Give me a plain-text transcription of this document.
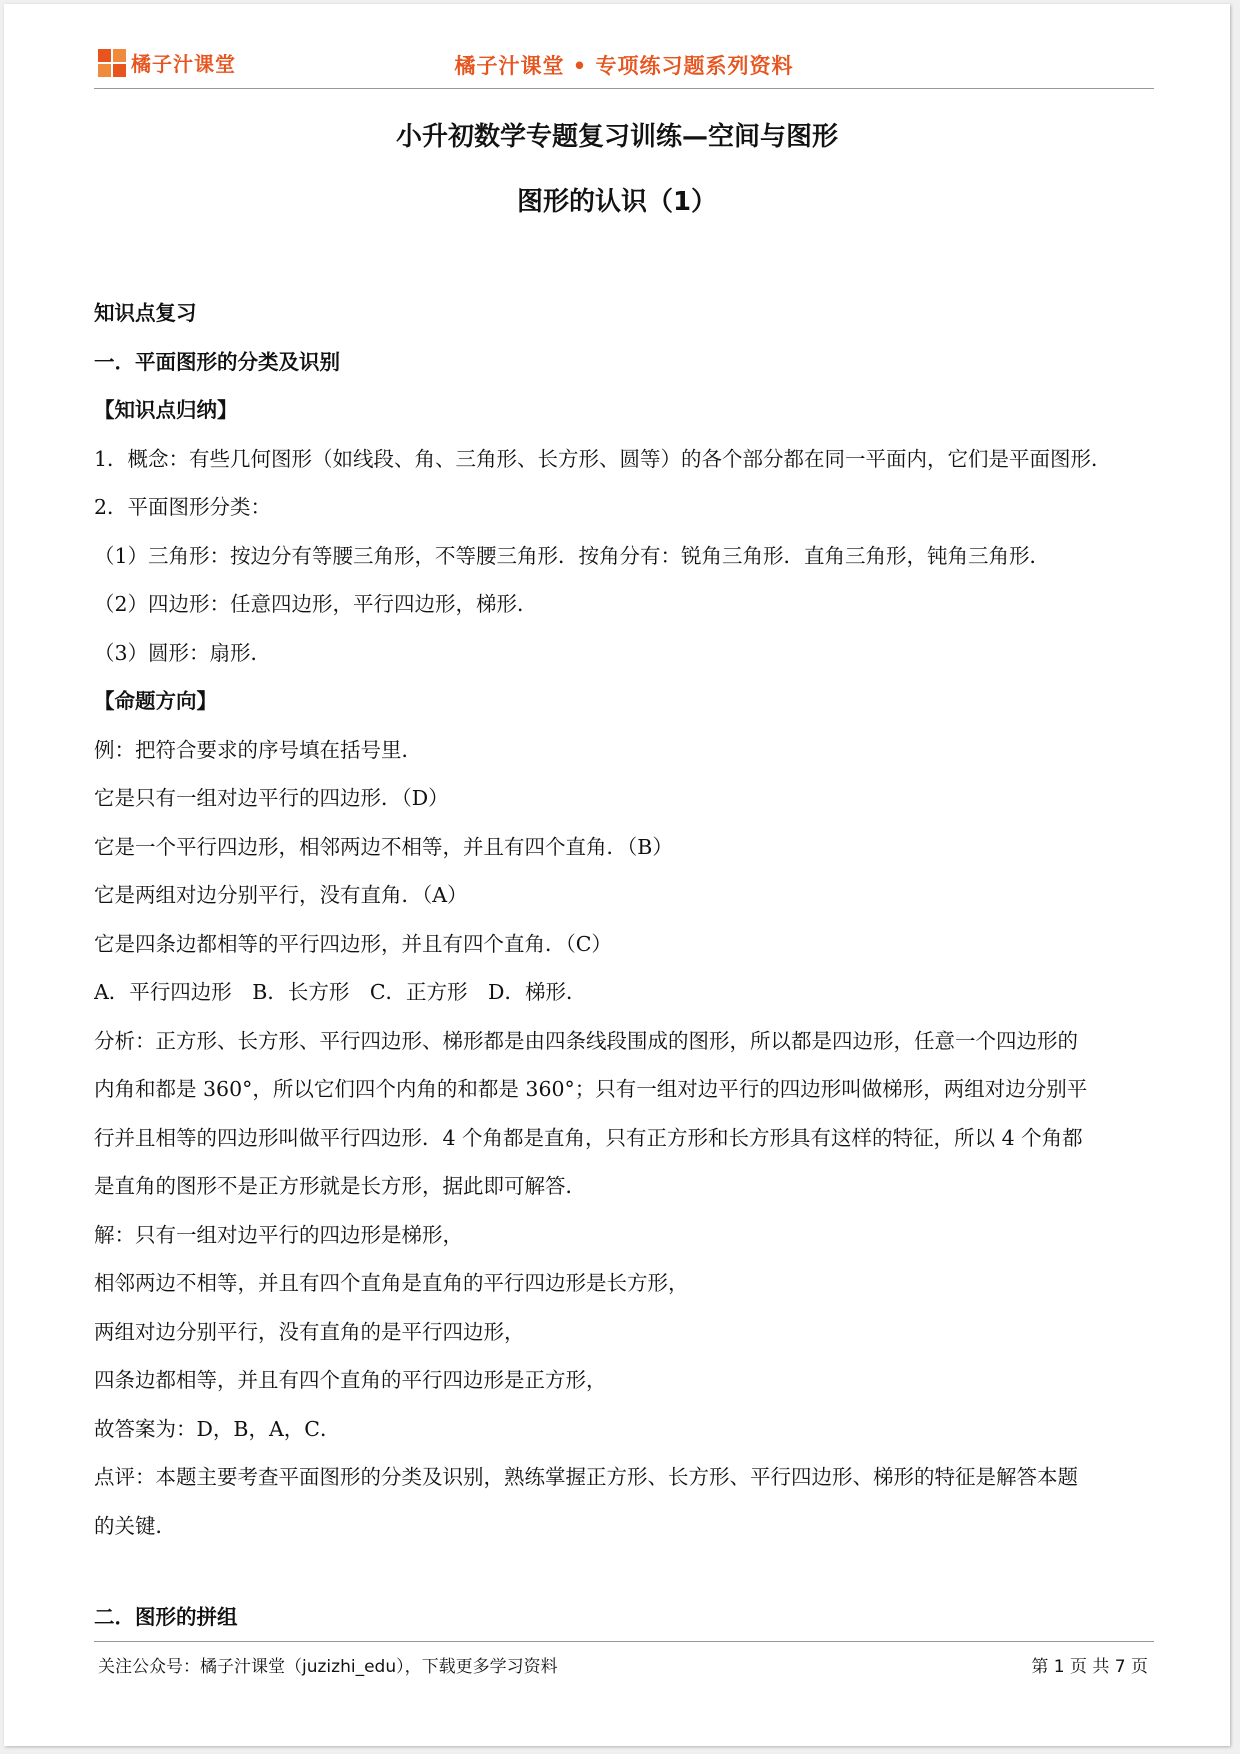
橘子汁课堂	橘子汁课堂 • 专项练习题系列资料
小升初数学专题复习训练—空间与图形
图形的认识（1）
知识点复习
一．平面图形的分类及识别
【知识点归纳】
1．概念：有些几何图形（如线段、角、三角形、长方形、圆等）的各个部分都在同一平面内，它们是平面图形．
2．平面图形分类：
（1）三角形：按边分有等腰三角形，不等腰三角形．按角分有：锐角三角形．直角三角形，钝角三角形．
（2）四边形：任意四边形，平行四边形，梯形．
（3）圆形：扇形．
【命题方向】
例：把符合要求的序号填在括号里．
它是只有一组对边平行的四边形．（D）
它是一个平行四边形，相邻两边不相等，并且有四个直角．（B）
它是两组对边分别平行，没有直角．（A）
它是四条边都相等的平行四边形，并且有四个直角．（C）
A．平行四边形　B．长方形　C．正方形　D．梯形．
分析：正方形、长方形、平行四边形、梯形都是由四条线段围成的图形，所以都是四边形，任意一个四边形的
内角和都是 360°，所以它们四个内角的和都是 360°；只有一组对边平行的四边形叫做梯形，两组对边分别平
行并且相等的四边形叫做平行四边形．4 个角都是直角，只有正方形和长方形具有这样的特征，所以 4 个角都
是直角的图形不是正方形就是长方形，据此即可解答．
解：只有一组对边平行的四边形是梯形，
相邻两边不相等，并且有四个直角是直角的平行四边形是长方形，
两组对边分别平行，没有直角的是平行四边形，
四条边都相等，并且有四个直角的平行四边形是正方形，
故答案为：D，B，A，C．
点评：本题主要考查平面图形的分类及识别，熟练掌握正方形、长方形、平行四边形、梯形的特征是解答本题
的关键．
二．图形的拼组
关注公众号：橘子汁课堂（juzizhi_edu），下载更多学习资料	第 1 页 共 7 页
